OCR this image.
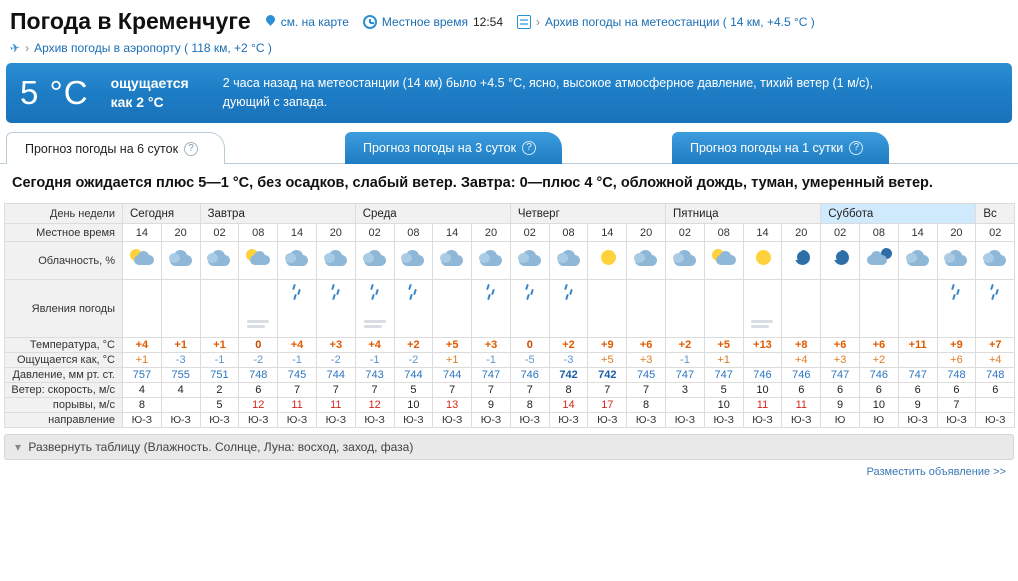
Погода в Кременчуге	см. на карте	Местное время 12:54	› Архив погоды на метеостанции ( 14 км, +4.5 °С )
✈ › Архив погоды в аэропорту ( 118 км, +2 °С )
5 °C ощущается
как 2 °C
2 часа назад на метеостанции (14 км) было +4.5 °С, ясно, высокое атмосферное давление, тихий ветер (1 м/с), дующий с запада.
Прогноз погоды на 6 суток	?	Прогноз погоды на 3 суток	?	Прогноз погоды на 1 сутки	?
Сегодня ожидается плюс 5—1 °С, без осадков, слабый ветер. Завтра: 0—плюс 4 °С, обложной дождь, туман, умеренный ветер.
День недели	Сегодня		Завтра				Среда				Четверг				Пятница				Суббота				Вс
Местное время	14	20	02	08	14	20	02	08	14	20	02	08	14	20	02	08	14	20	02	08	14	20	02
Облачность, %	

Явления погоды				

Температура, °С	+4	+1	+1	0	+4	+3	+4	+2	+5	+3	0	+2	+9	+6	+2	+5	+13	+8	+6	+6	+11	+9	+7
Ощущается как, °С	+1	-3	-1	-2	-1	-2	-1	-2	+1	-1	-5	-3	+5	+3	-1	+1		+4	+3	+2		+6	+4
Давление, мм рт. ст.	757	755	751	748	745	744	743	744	744	747	746	742	742	745	747	747	746	746	747	746	747	748	748
Ветер: скорость, м/с	4	4	2	6	7	7	7	5	7	7	7	8	7	7	3	5	10	6	6	6	6	6	6
порывы, м/с	8		5	12	11	11	12	10	13	9	8	14	17	8		10	11	11	9	10	9	7	
направление	Ю-З	Ю-З	Ю-З	Ю-З	Ю-З	Ю-З	Ю-З	Ю-З	Ю-З	Ю-З	Ю-З	Ю-З	Ю-З	Ю-З	Ю-З	Ю-З	Ю-З	Ю-З	Ю	Ю	Ю-З	Ю-З	Ю-З
▾ Развернуть таблицу (Влажность. Солнце, Луна: восход, заход, фаза)
Разместить объявление >>
